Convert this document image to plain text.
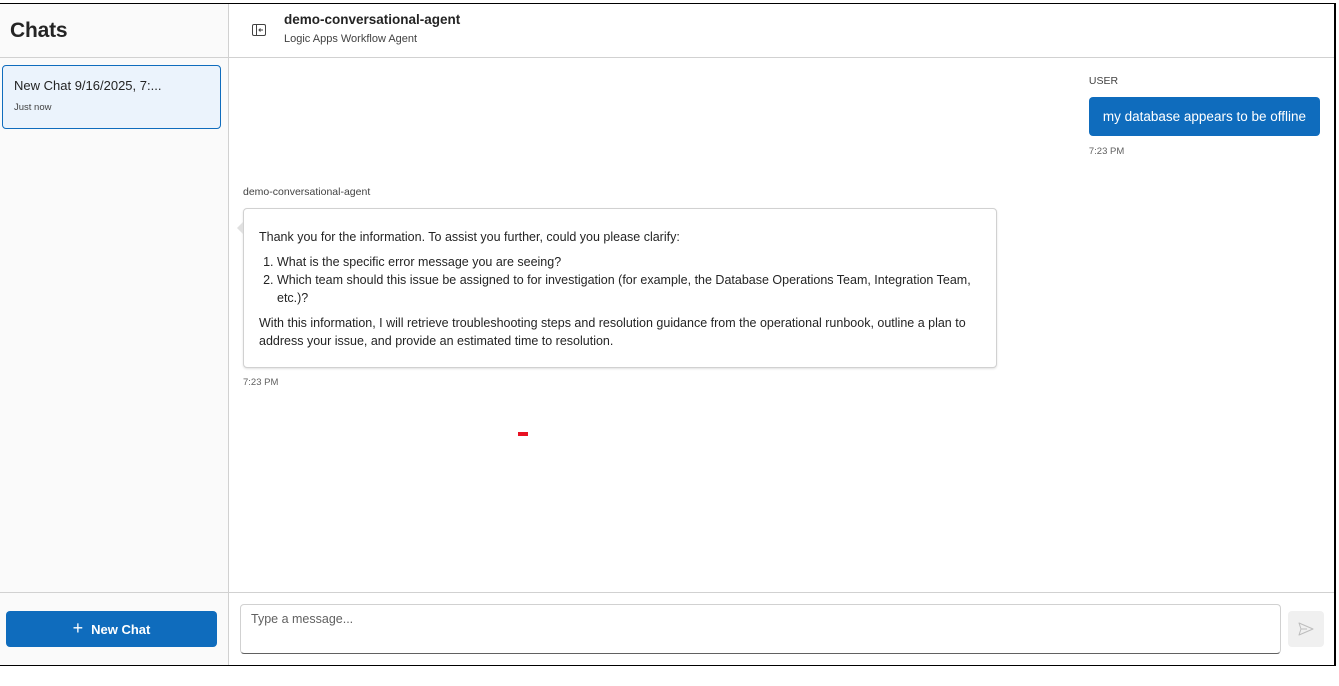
Chats
New Chat 9/16/2025, 7:...
Just now
+ New Chat
demo-conversational-agent
Logic Apps Workflow Agent
USER
my database appears to be offline
7:23 PM
demo-conversational-agent

Thank you for the information. To assist you further, could you please clarify:

1. What is the specific error message you are seeing?
2. Which team should this issue be assigned to for investigation (for example, the Database Operations Team, Integration Team, etc.)?

With this information, I will retrieve troubleshooting steps and resolution guidance from the operational runbook, outline a plan to address your issue, and provide an estimated time to resolution.

7:23 PM
Type a message...
